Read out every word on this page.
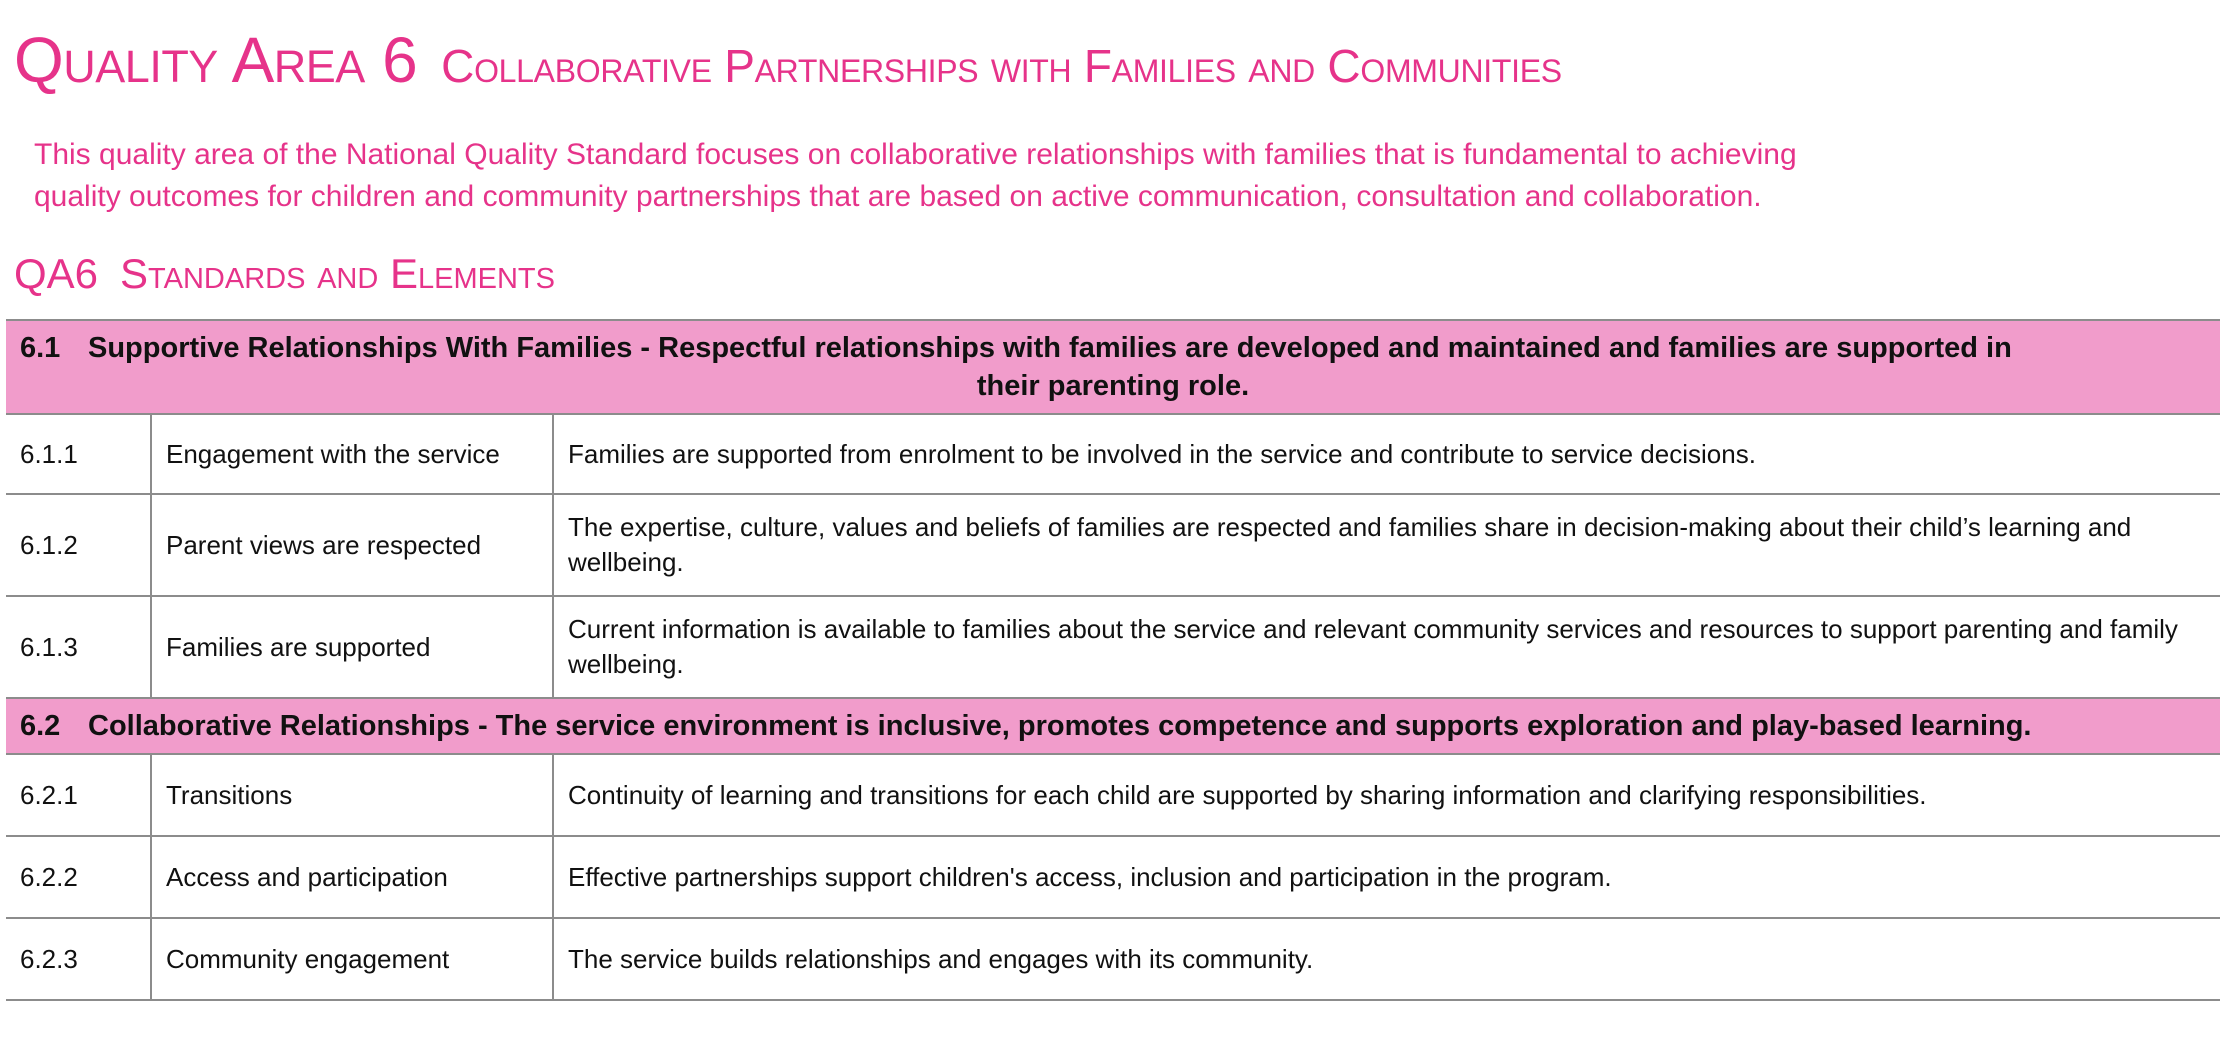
Quality Area 6 Collaborative Partnerships with Families and Communities
This quality area of the National Quality Standard focuses on collaborative relationships with families that is fundamental to achieving
quality outcomes for children and community partnerships that are based on active communication, consultation and collaboration.
QA6 Standards and Elements
6.1 Supportive Relationships With Families - Respectful relationships with families are developed and maintained and families are supported in
their parenting role.		

6.1.1	Engagement with the service	Families are supported from enrolment to be involved in the service and contribute to service decisions.
6.1.2	Parent views are respected	The expertise, culture, values and beliefs of families are respected and families share in decision-making about their child’s learning and wellbeing.
6.1.3	Families are supported	Current information is available to families about the service and relevant community services and resources to support parenting and family wellbeing.
6.2 Collaborative Relationships - The service environment is inclusive, promotes competence and supports exploration and play-based learning.		
6.2.1	Transitions	Continuity of learning and transitions for each child are supported by sharing information and clarifying responsibilities.
6.2.2	Access and participation	Effective partnerships support children's access, inclusion and participation in the program.
6.2.3	Community engagement	The service builds relationships and engages with its community.
